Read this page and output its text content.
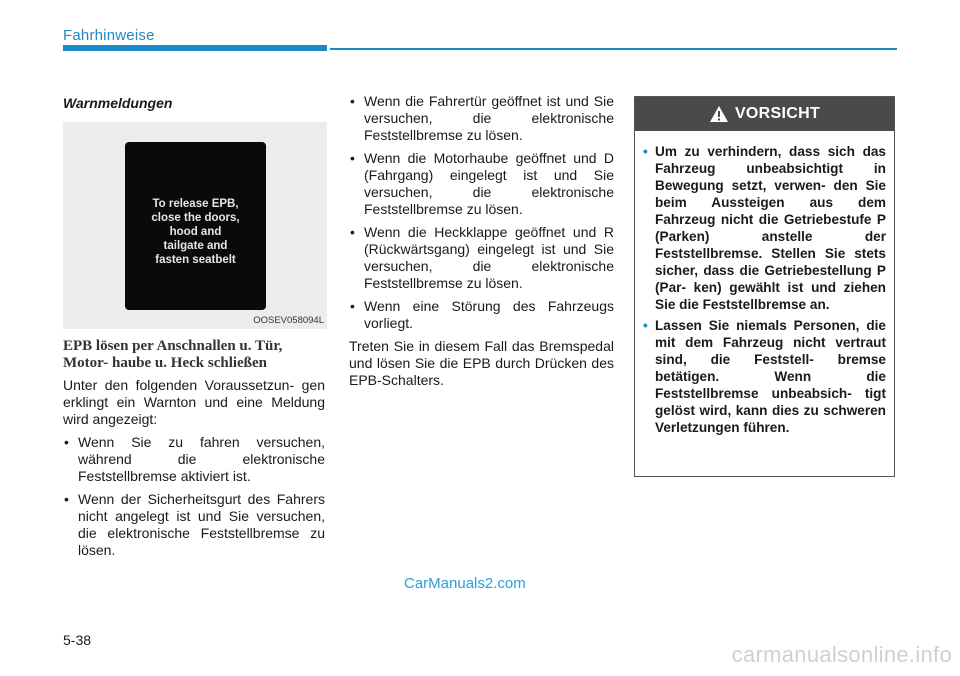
Fahrhinweise
Warnmeldungen
To release EPB,
close the doors,
hood and
tailgate and
fasten seatbelt
OOSEV058094L
EPB lösen per Anschnallen u. Tür, Motor- haube u. Heck schließen

Unter den folgenden Voraussetzun- gen erklingt ein Warnton und eine Meldung wird angezeigt:

• Wenn Sie zu fahren versuchen, während die elektronische Feststellbremse aktiviert ist.
• Wenn der Sicherheitsgurt des Fahrers nicht angelegt ist und Sie versuchen, die elektronische Feststellbremse zu lösen.
• Wenn die Fahrertür geöffnet ist und Sie versuchen, die elektronische Feststellbremse zu lösen.
• Wenn die Motorhaube geöffnet und D (Fahrgang) eingelegt ist und Sie versuchen, die elektronische Feststellbremse zu lösen.
• Wenn die Heckklappe geöffnet und R (Rückwärtsgang) eingelegt ist und Sie versuchen, die elektronische Feststellbremse zu lösen.
• Wenn eine Störung des Fahrzeugs vorliegt.

Treten Sie in diesem Fall das Bremspedal und lösen Sie die EPB durch Drücken des EPB-Schalters.

VORSICHT
• Um zu verhindern, dass sich das Fahrzeug unbeabsichtigt in Bewegung setzt, verwen- den Sie beim Aussteigen aus dem Fahrzeug nicht die Getriebestufe P (Parken) anstelle der Feststellbremse. Stellen Sie stets sicher, dass die Getriebestellung P (Par- ken) gewählt ist und ziehen Sie die Feststellbremse an.
• Lassen Sie niemals Personen, die mit dem Fahrzeug nicht vertraut sind, die Feststell- bremse betätigen. Wenn die Feststellbremse unbeabsich- tigt gelöst wird, kann dies zu schweren Verletzungen führen.
CarManuals2.com
5-38
carmanualsonline.info
